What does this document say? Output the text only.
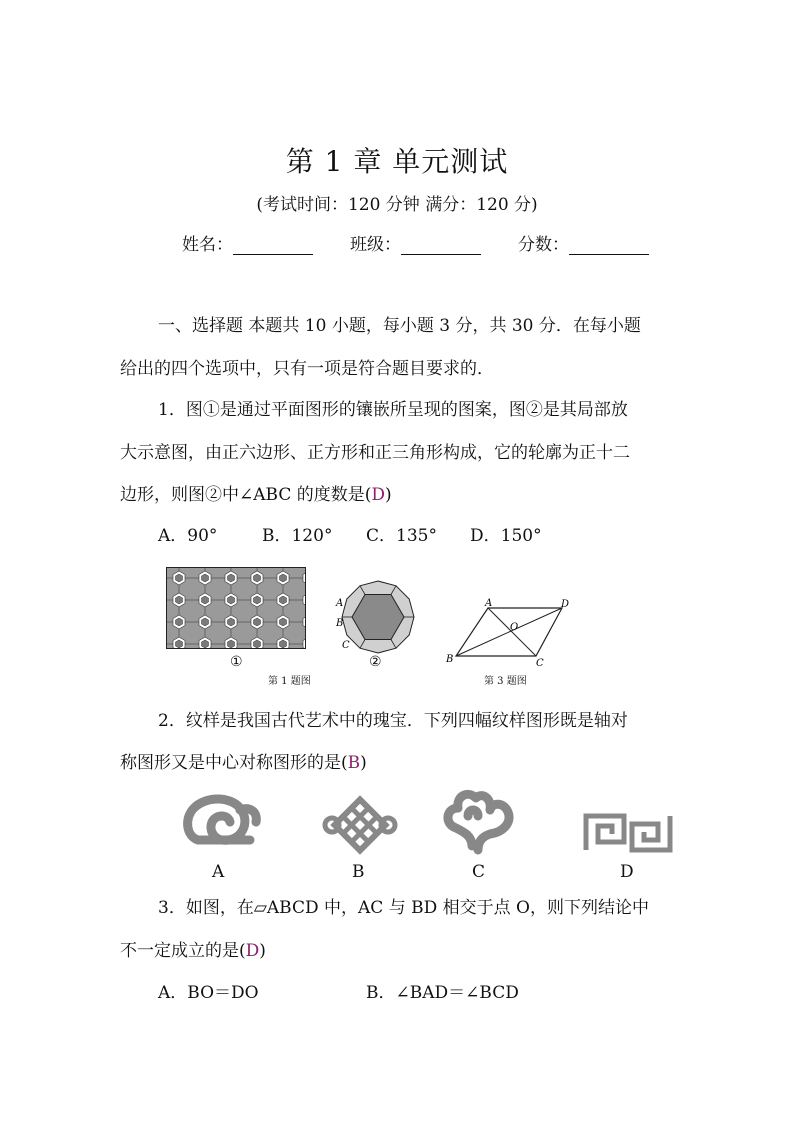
第 1 章 单元测试
(考试时间：120 分钟 满分：120 分)
姓名：	班级：	分数：
一、选择题 本题共 10 小题，每小题 3 分，共 30 分．在每小题
给出的四个选项中，只有一项是符合题目要求的．
1．图①是通过平面图形的镶嵌所呈现的图案，图②是其局部放
大示意图，由正六边形、正方形和正三角形构成，它的轮廓为正十二
边形，则图②中∠ABC 的度数是(D)
A．90°	B．120° C．135° D．150°
①
A
B
C
②
第 1 题图
A	D
O
B	C
第 3 题图
2．纹样是我国古代艺术中的瑰宝．下列四幅纹样图形既是轴对
称图形又是中心对称图形的是(B)
A	B	C	D
3．如图，在▱ABCD 中，AC 与 BD 相交于点 O，则下列结论中
不一定成立的是(D)
A．BO＝DO	B．∠BAD＝∠BCD
